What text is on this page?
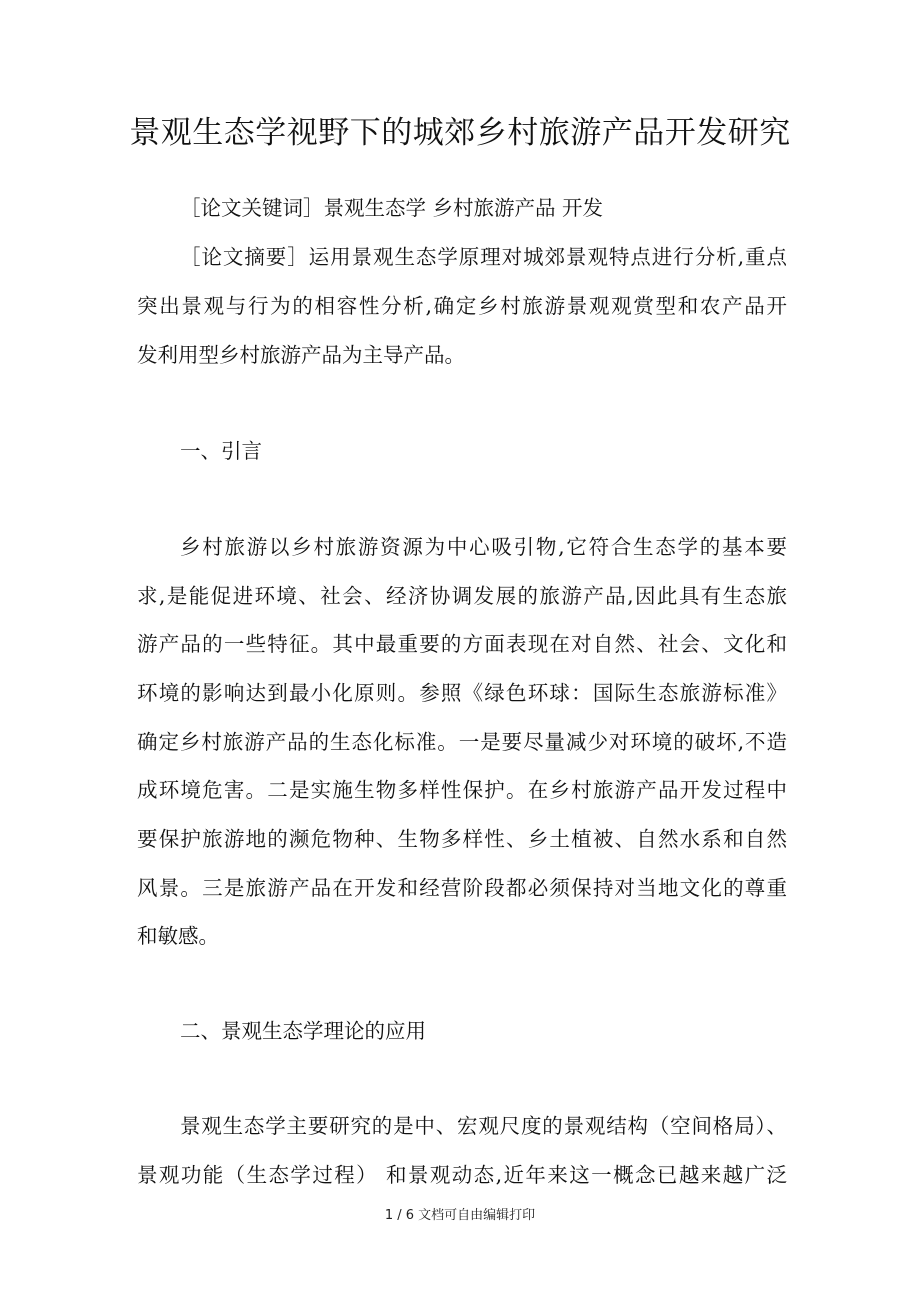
景观生态学视野下的城郊乡村旅游产品开发研究
［论文关键词］景观生态学 乡村旅游产品 开发
［论文摘要］运用景观生态学原理对城郊景观特点进行分析,重点
突出景观与行为的相容性分析,确定乡村旅游景观观赏型和农产品开
发利用型乡村旅游产品为主导产品。
一、引言
乡村旅游以乡村旅游资源为中心吸引物,它符合生态学的基本要
求,是能促进环境、社会、经济协调发展的旅游产品,因此具有生态旅
游产品的一些特征。其中最重要的方面表现在对自然、社会、文化和
环境的影响达到最小化原则。参照《绿色环球：国际生态旅游标准》
确定乡村旅游产品的生态化标准。一是要尽量减少对环境的破坏,不造
成环境危害。二是实施生物多样性保护。在乡村旅游产品开发过程中
要保护旅游地的濒危物种、生物多样性、乡土植被、自然水系和自然
风景。三是旅游产品在开发和经营阶段都必须保持对当地文化的尊重
和敏感。
二、景观生态学理论的应用
景观生态学主要研究的是中、宏观尺度的景观结构（空间格局）、
景观功能（生态学过程） 和景观动态,近年来这一概念已越来越广泛
1 / 6 文档可自由编辑打印
